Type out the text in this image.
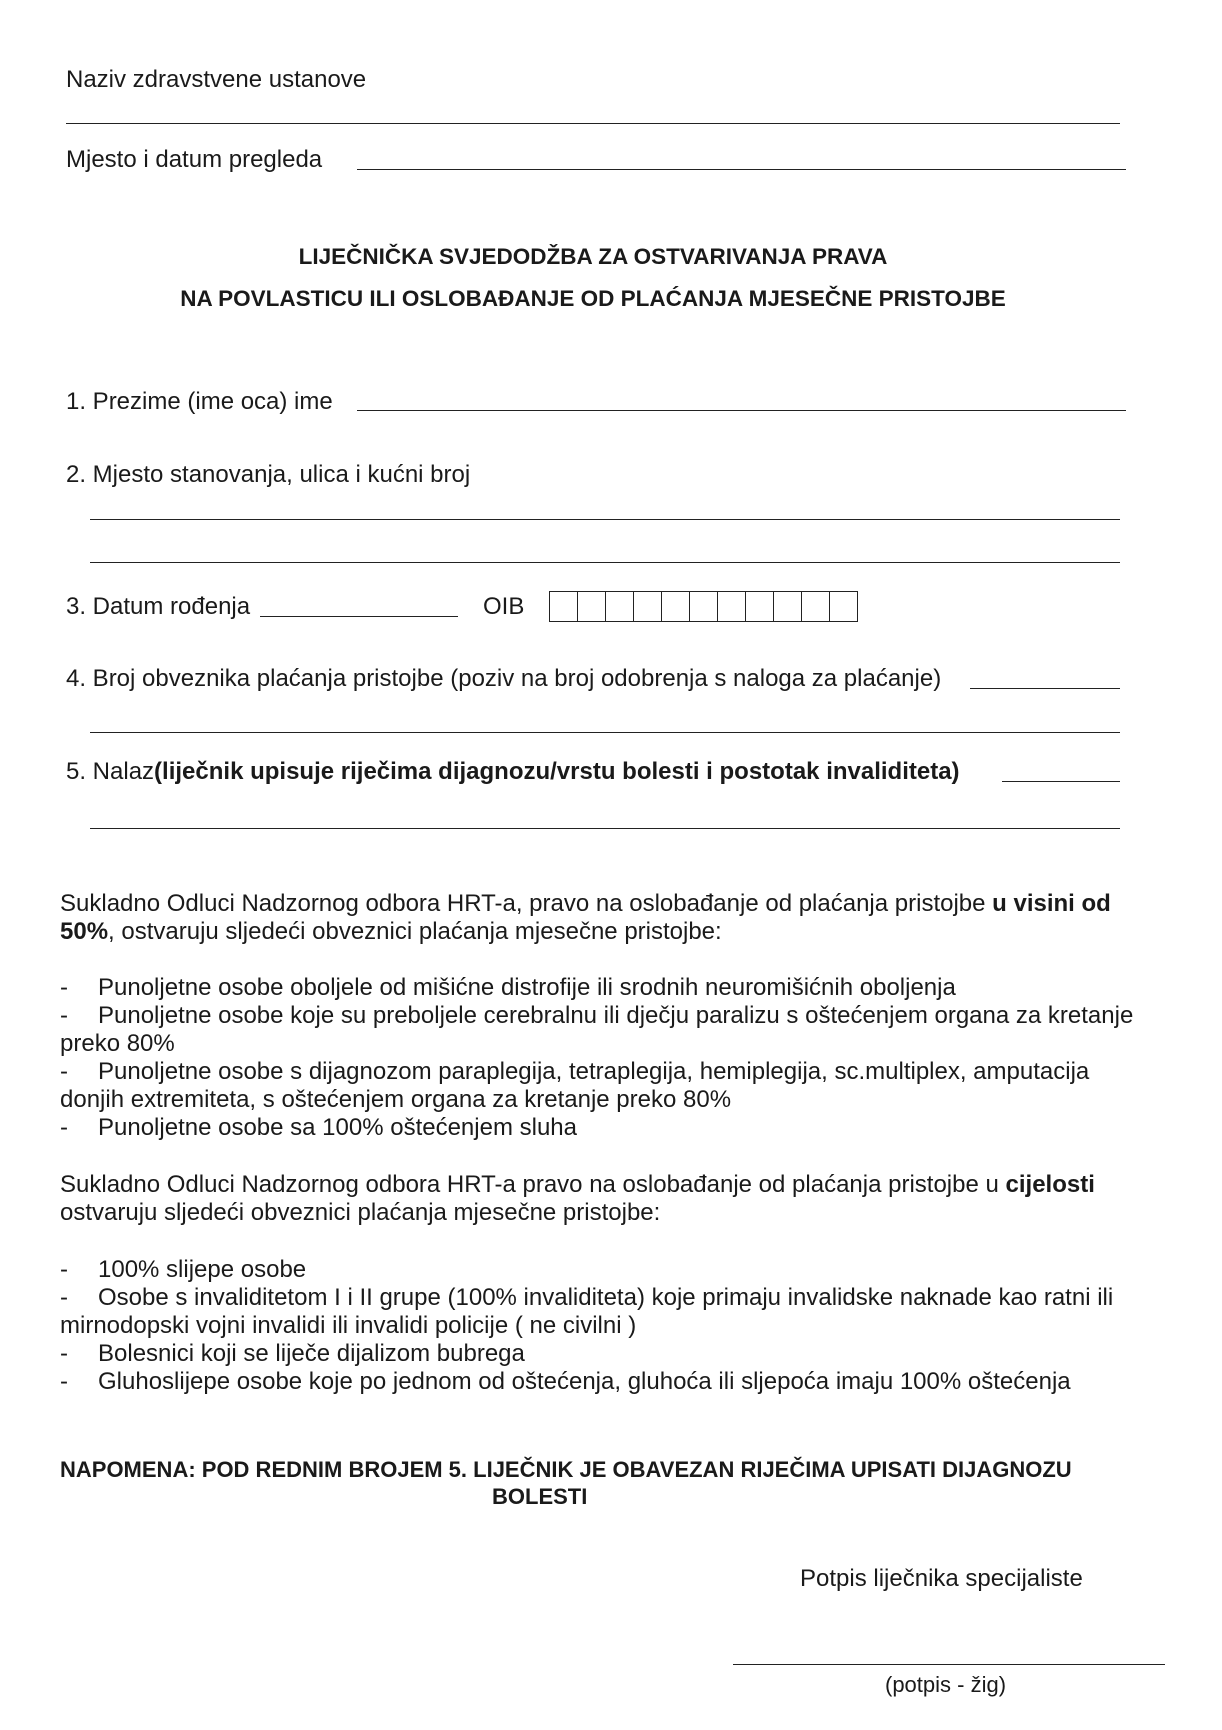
Naziv zdravstvene ustanove
Mjesto i datum pregleda
LIJEČNIČKA SVJEDODŽBA ZA OSTVARIVANJA PRAVA
NA POVLASTICU ILI OSLOBAĐANJE OD PLAĆANJA MJESEČNE PRISTOJBE
1. Prezime (ime oca) ime
2. Mjesto stanovanja, ulica i kućni broj
3. Datum rođenja	OIB
4. Broj obveznika plaćanja pristojbe (poziv na broj odobrenja s naloga za plaćanje)
5. Nalaz(liječnik upisuje riječima dijagnozu/vrstu bolesti i postotak invaliditeta)
Sukladno Odluci Nadzornog odbora HRT-a, pravo na oslobađanje od plaćanja pristojbe u visini od 50%, ostvaruju sljedeći obveznici plaćanja mjesečne pristojbe:
- Punoljetne osobe oboljele od mišićne distrofije ili srodnih neuromišićnih oboljenja
- Punoljetne osobe koje su preboljele cerebralnu ili dječju paralizu s oštećenjem organa za kretanje preko 80%
- Punoljetne osobe s dijagnozom paraplegija, tetraplegija, hemiplegija, sc.multiplex, amputacija donjih extremiteta, s oštećenjem organa za kretanje preko 80%
- Punoljetne osobe sa 100% oštećenjem sluha
Sukladno Odluci Nadzornog odbora HRT-a pravo na oslobađanje od plaćanja pristojbe u cijelosti ostvaruju sljedeći obveznici plaćanja mjesečne pristojbe:
- 100% slijepe osobe
- Osobe s invaliditetom I i II grupe (100% invaliditeta) koje primaju invalidske naknade kao ratni ili mirnodopski vojni invalidi ili invalidi policije ( ne civilni )
- Bolesnici koji se liječe dijalizom bubrega
- Gluhoslijepe osobe koje po jednom od oštećenja, gluhoća ili sljepoća imaju 100% oštećenja
NAPOMENA: POD REDNIM BROJEM 5. LIJEČNIK JE OBAVEZAN RIJEČIMA UPISATI DIJAGNOZU
BOLESTI
Potpis liječnika specijaliste
(potpis - žig)
